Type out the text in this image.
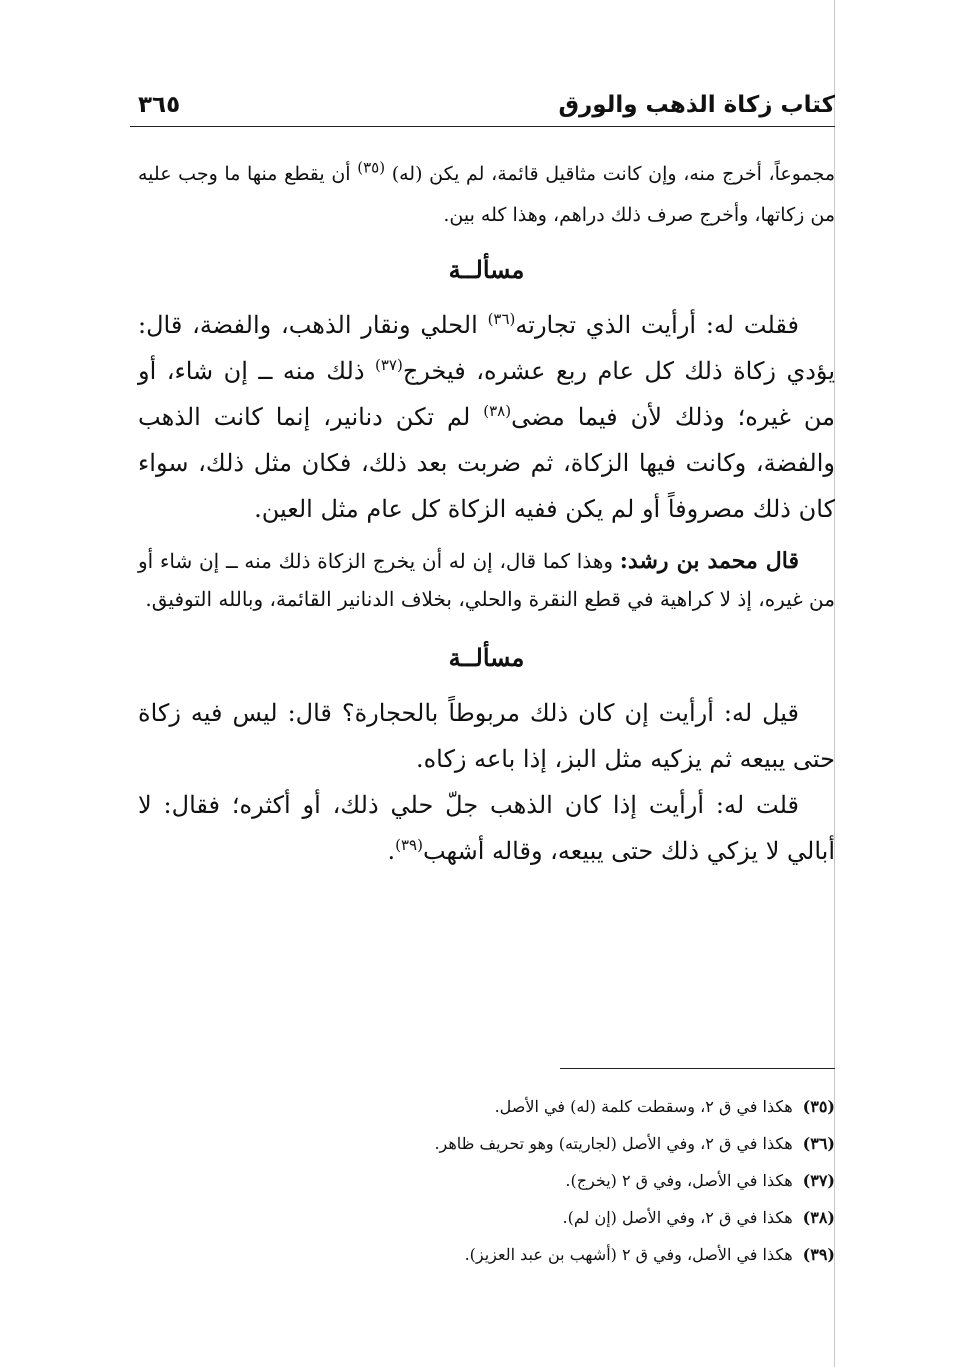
كتاب زكاة الذهب والورق
٣٦٥

مجموعاً، أخرج منه، وإن كانت مثاقيل قائمة، لم يكن (له) $^{(٣٥)}$ أن يقطع منها ما وجب عليه من زكاتها، وأخرج صرف ذلك دراهم، وهذا كله بين.

مسألــة

فقلت له: أرأيت الذي تجارته$^{(٣٦)}$ الحلي ونقار الذهب، والفضة، قال: يؤدي زكاة ذلك كل عام ربع عشره، فيخرج$^{(٣٧)}$ ذلك منه ــ إن شاء، أو من غيره؛ وذلك لأن فيما مضى$^{(٣٨)}$ لم تكن دنانير، إنما كانت الذهب والفضة، وكانت فيها الزكاة، ثم ضربت بعد ذلك، فكان مثل ذلك، سواء كان ذلك مصروفاً أو لم يكن ففيه الزكاة كل عام مثل العين.

قال محمد بن رشد: وهذا كما قال، إن له أن يخرج الزكاة ذلك منه ــ إن شاء أو من غيره، إذ لا كراهية في قطع النقرة والحلي، بخلاف الدنانير القائمة، وبالله التوفيق.

مسألــة

قيل له: أرأيت إن كان ذلك مربوطاً بالحجارة؟ قال: ليس فيه زكاة حتى يبيعه ثم يزكيه مثل البز، إذا باعه زكاه.

قلت له: أرأيت إذا كان الذهب جلّ حلي ذلك، أو أكثره؛ فقال: لا أبالي لا يزكي ذلك حتى يبيعه، وقاله أشهب$^{(٣٩)}$.

(٣٥)هكذا في ق ٢، وسقطت كلمة (له) في الأصل.
(٣٦)هكذا في ق ٢، وفي الأصل (لجاريته) وهو تحريف ظاهر.
(٣٧)هكذا في الأصل، وفي ق ٢ (يخرج).
(٣٨)هكذا في ق ٢، وفي الأصل (إن لم).
(٣٩)هكذا في الأصل، وفي ق ٢ (أشهب بن عبد العزيز).
